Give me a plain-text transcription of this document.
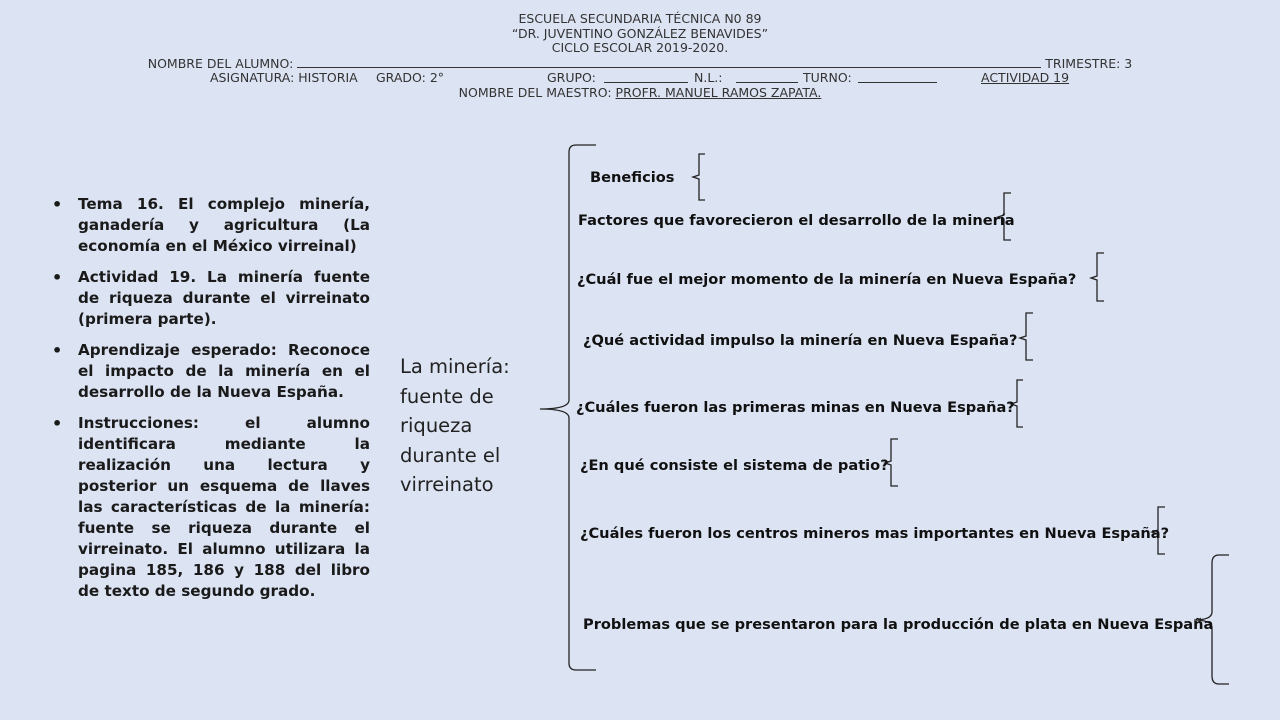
ESCUELA SECUNDARIA TÉCNICA N0 89
“DR. JUVENTINO GONZÁLEZ BENAVIDES”
CICLO ESCOLAR 2019-2020.
NOMBRE DEL ALUMNO:	TRIMESTRE: 3
ASIGNATURA: HISTORIA GRADO: 2°	GRUPO:	N.L.:	TURNO:	ACTIVIDAD 19
NOMBRE DEL MAESTRO: PROFR. MANUEL RAMOS ZAPATA.
• Tema 16. El complejo minería, ganadería y agricultura (La economía en el México virreinal)
• Actividad 19. La minería fuente de riqueza durante el virreinato (primera parte).
• Aprendizaje esperado: Reconoce el impacto de la minería en el desarrollo de la Nueva España.
• Instrucciones: el alumno identificara mediante la realización una lectura y posterior un esquema de llaves las características de la minería: fuente se riqueza durante el virreinato. El alumno utilizara la pagina 185, 186 y 188 del libro de texto de segundo grado.
La minería: fuente de riqueza durante el virreinato
Beneficios
Factores que favorecieron el desarrollo de la minería
¿Cuál fue el mejor momento de la minería en Nueva España?
¿Qué actividad impulso la minería en Nueva España?
¿Cuáles fueron las primeras minas en Nueva España?
¿En qué consiste el sistema de patio?
¿Cuáles fueron los centros mineros mas importantes en Nueva España?
Problemas que se presentaron para la producción de plata en Nueva España
